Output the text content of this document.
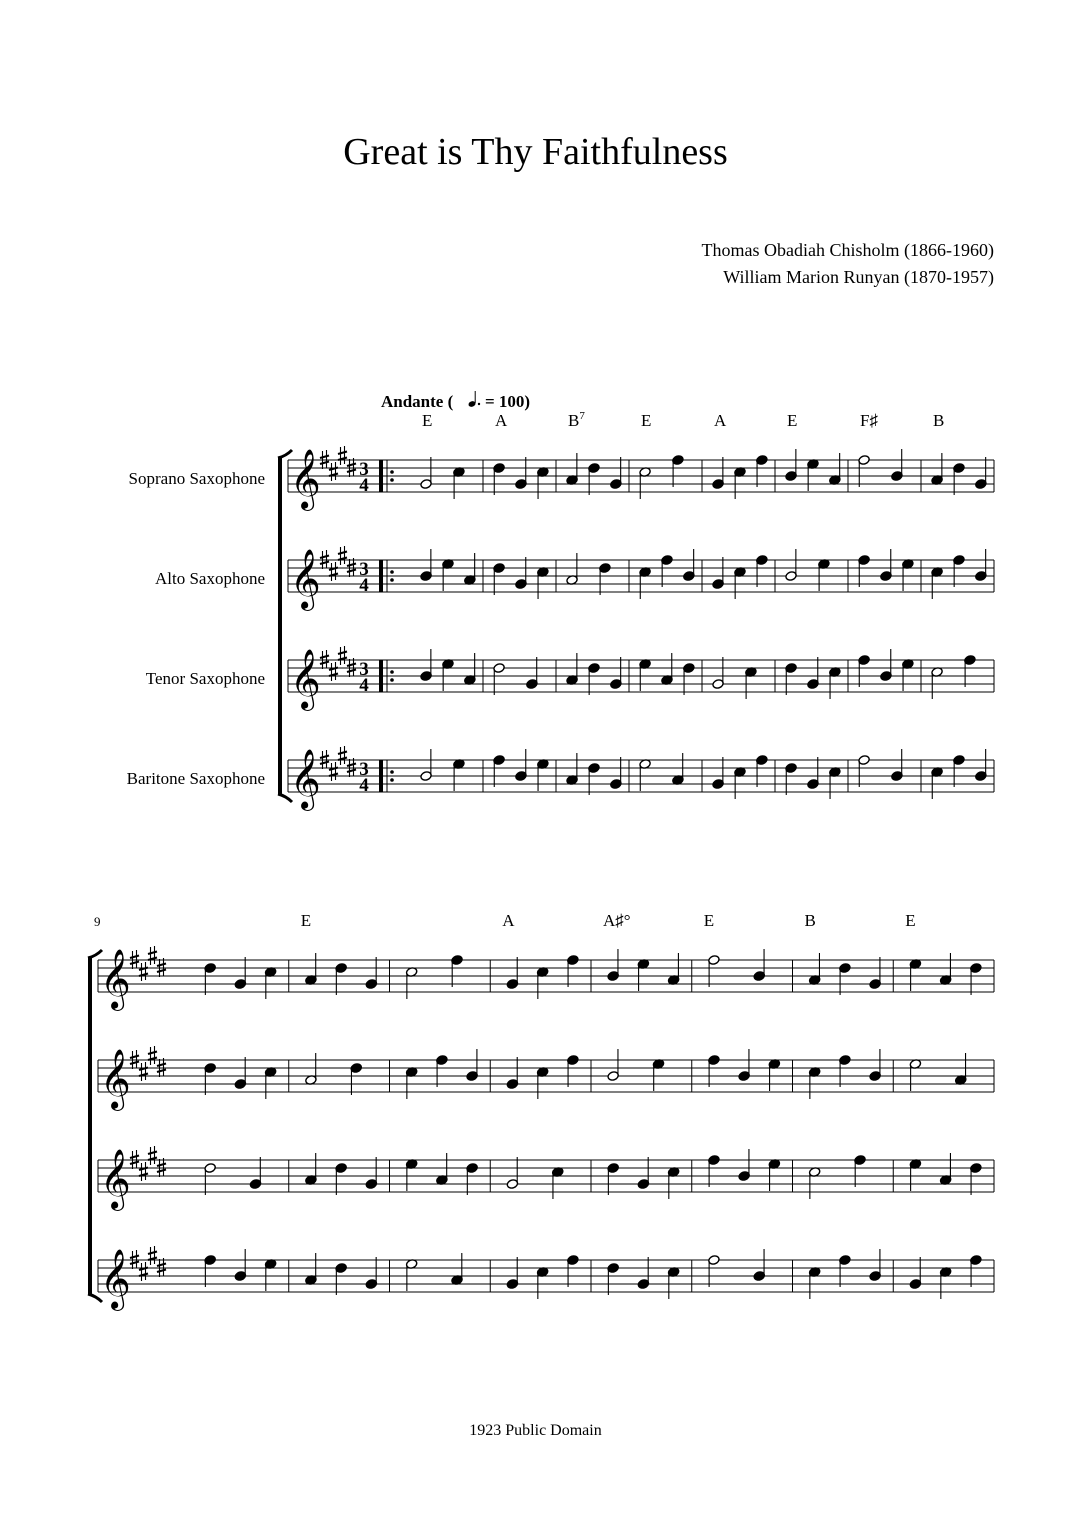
Great is Thy Faithfulness
Thomas Obadiah Chisholm (1866-1960)
William Marion Runyan (1870-1957)
Andante ( = 100)
Soprano Saxophone
Alto Saxophone
Tenor Saxophone
Baritone Saxophone
𝄞 3
4
𝄞 3
4
𝄞 3
4
𝄞 3
4
E	A	$B^7$	E	A	E	F♯	B
𝄞
𝄞
𝄞
𝄞
E	A	A♯°	E	B	E
9
1923 Public Domain
